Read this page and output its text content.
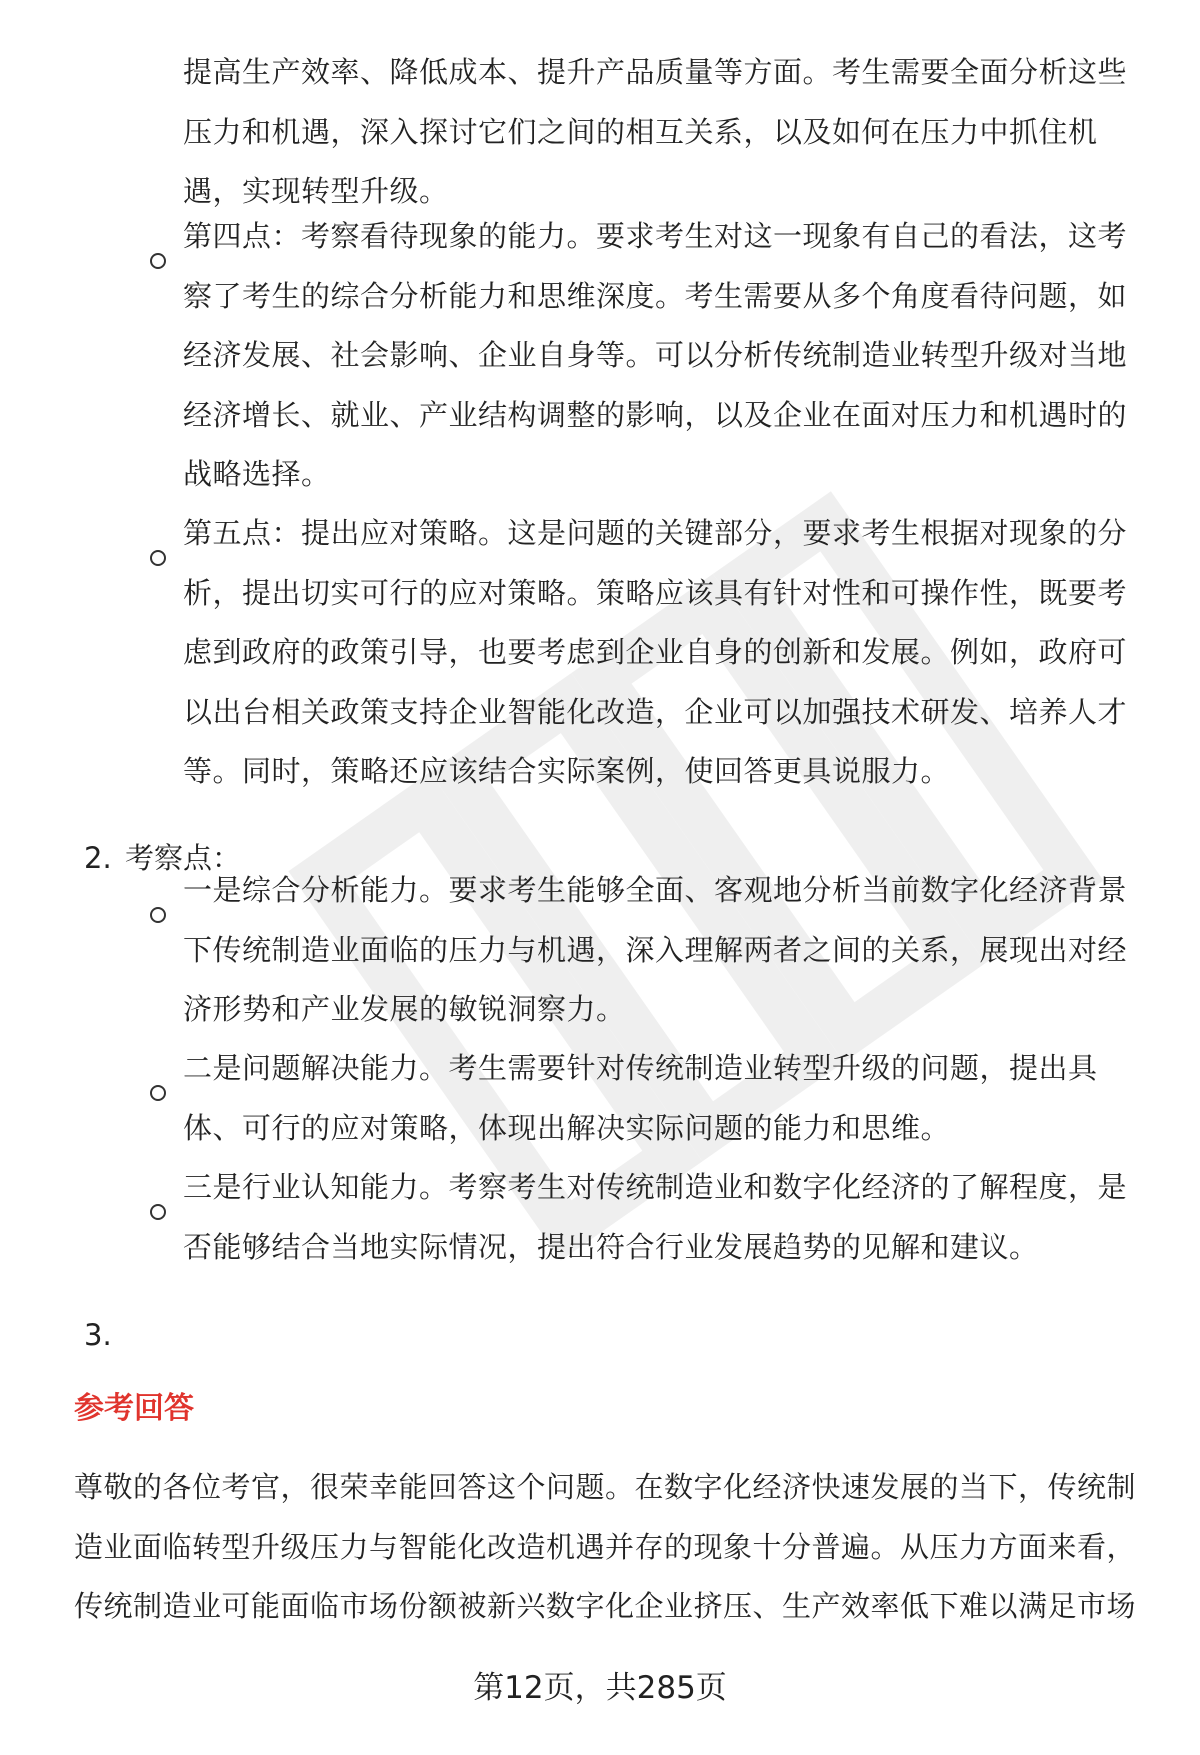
提高生产效率、降低成本、提升产品质量等方面。考生需要全面分析这些压力和机遇，深入探讨它们之间的相互关系，以及如何在压力中抓住机遇，实现转型升级。
第四点：考察看待现象的能力。要求考生对这一现象有自己的看法，这考察了考生的综合分析能力和思维深度。考生需要从多个角度看待问题，如经济发展、社会影响、企业自身等。可以分析传统制造业转型升级对当地经济增长、就业、产业结构调整的影响，以及企业在面对压力和机遇时的战略选择。
第五点：提出应对策略。这是问题的关键部分，要求考生根据对现象的分析，提出切实可行的应对策略。策略应该具有针对性和可操作性，既要考虑到政府的政策引导，也要考虑到企业自身的创新和发展。例如，政府可以出台相关政策支持企业智能化改造，企业可以加强技术研发、培养人才等。同时，策略还应该结合实际案例，使回答更具说服力。
2. 考察点：
一是综合分析能力。要求考生能够全面、客观地分析当前数字化经济背景下传统制造业面临的压力与机遇，深入理解两者之间的关系，展现出对经济形势和产业发展的敏锐洞察力。
二是问题解决能力。考生需要针对传统制造业转型升级的问题，提出具体、可行的应对策略，体现出解决实际问题的能力和思维。
三是行业认知能力。考察考生对传统制造业和数字化经济的了解程度，是否能够结合当地实际情况，提出符合行业发展趋势的见解和建议。
3.
参考回答
尊敬的各位考官，很荣幸能回答这个问题。在数字化经济快速发展的当下，传统制造业面临转型升级压力与智能化改造机遇并存的现象十分普遍。从压力方面来看，传统制造业可能面临市场份额被新兴数字化企业挤压、生产效率低下难以满足市场
第12页，共285页
